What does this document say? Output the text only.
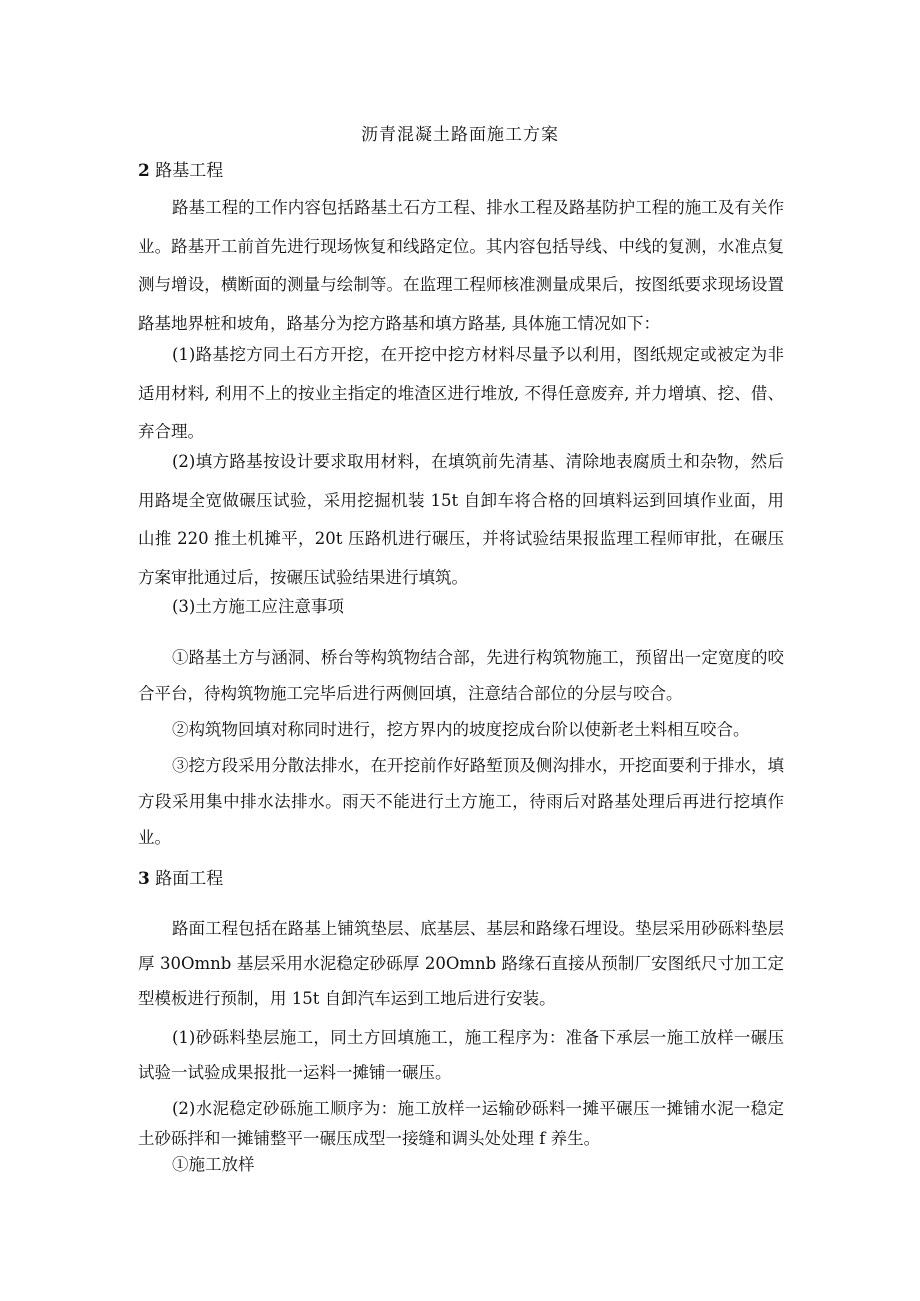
沥青混凝土路面施工方案

2 路基工程

路基工程的工作内容包括路基土石方工程、排水工程及路基防护工程的施工及有关作业。路基开工前首先进行现场恢复和线路定位。其内容包括导线、中线的复测，水准点复测与增设，横断面的测量与绘制等。在监理工程师核准测量成果后，按图纸要求现场设置路基地界桩和坡角，路基分为挖方路基和填方路基, 具体施工情况如下：

(1)路基挖方同土石方开挖，在开挖中挖方材料尽量予以利用，图纸规定或被定为非适用材料, 利用不上的按业主指定的堆渣区进行堆放, 不得任意废弃, 并力增填、挖、借、弃合理。

(2)填方路基按设计要求取用材料，在填筑前先清基、清除地表腐质土和杂物，然后用路堤全宽做碾压试验，采用挖掘机装 15t 自卸车将合格的回填料运到回填作业面，用山推 220 推土机摊平，20t 压路机进行碾压，并将试验结果报监理工程师审批，在碾压方案审批通过后，按碾压试验结果进行填筑。

(3)土方施工应注意事项

①路基土方与涵洞、桥台等构筑物结合部，先进行构筑物施工，预留出一定宽度的咬合平台，待构筑物施工完毕后进行两侧回填，注意结合部位的分层与咬合。

②构筑物回填对称同时进行，挖方界内的坡度挖成台阶以使新老土料相互咬合。

③挖方段采用分散法排水，在开挖前作好路堑顶及侧沟排水，开挖面要利于排水，填方段采用集中排水法排水。雨天不能进行土方施工，待雨后对路基处理后再进行挖填作业。

3 路面工程

路面工程包括在路基上铺筑垫层、底基层、基层和路缘石埋设。垫层采用砂砾料垫层厚 30Omnb 基层采用水泥稳定砂砾厚 20Omnb 路缘石直接从预制厂安图纸尺寸加工定型模板进行预制，用 15t 自卸汽车运到工地后进行安装。

(1)砂砾料垫层施工，同土方回填施工，施工程序为：准备下承层一施工放样一碾压试验一试验成果报批一运料一摊铺一碾压。

(2)水泥稳定砂砾施工顺序为：施工放样一运输砂砾料一摊平碾压一摊铺水泥一稳定土砂砾拌和一摊铺整平一碾压成型一接缝和调头处处理 f 养生。

①施工放样
